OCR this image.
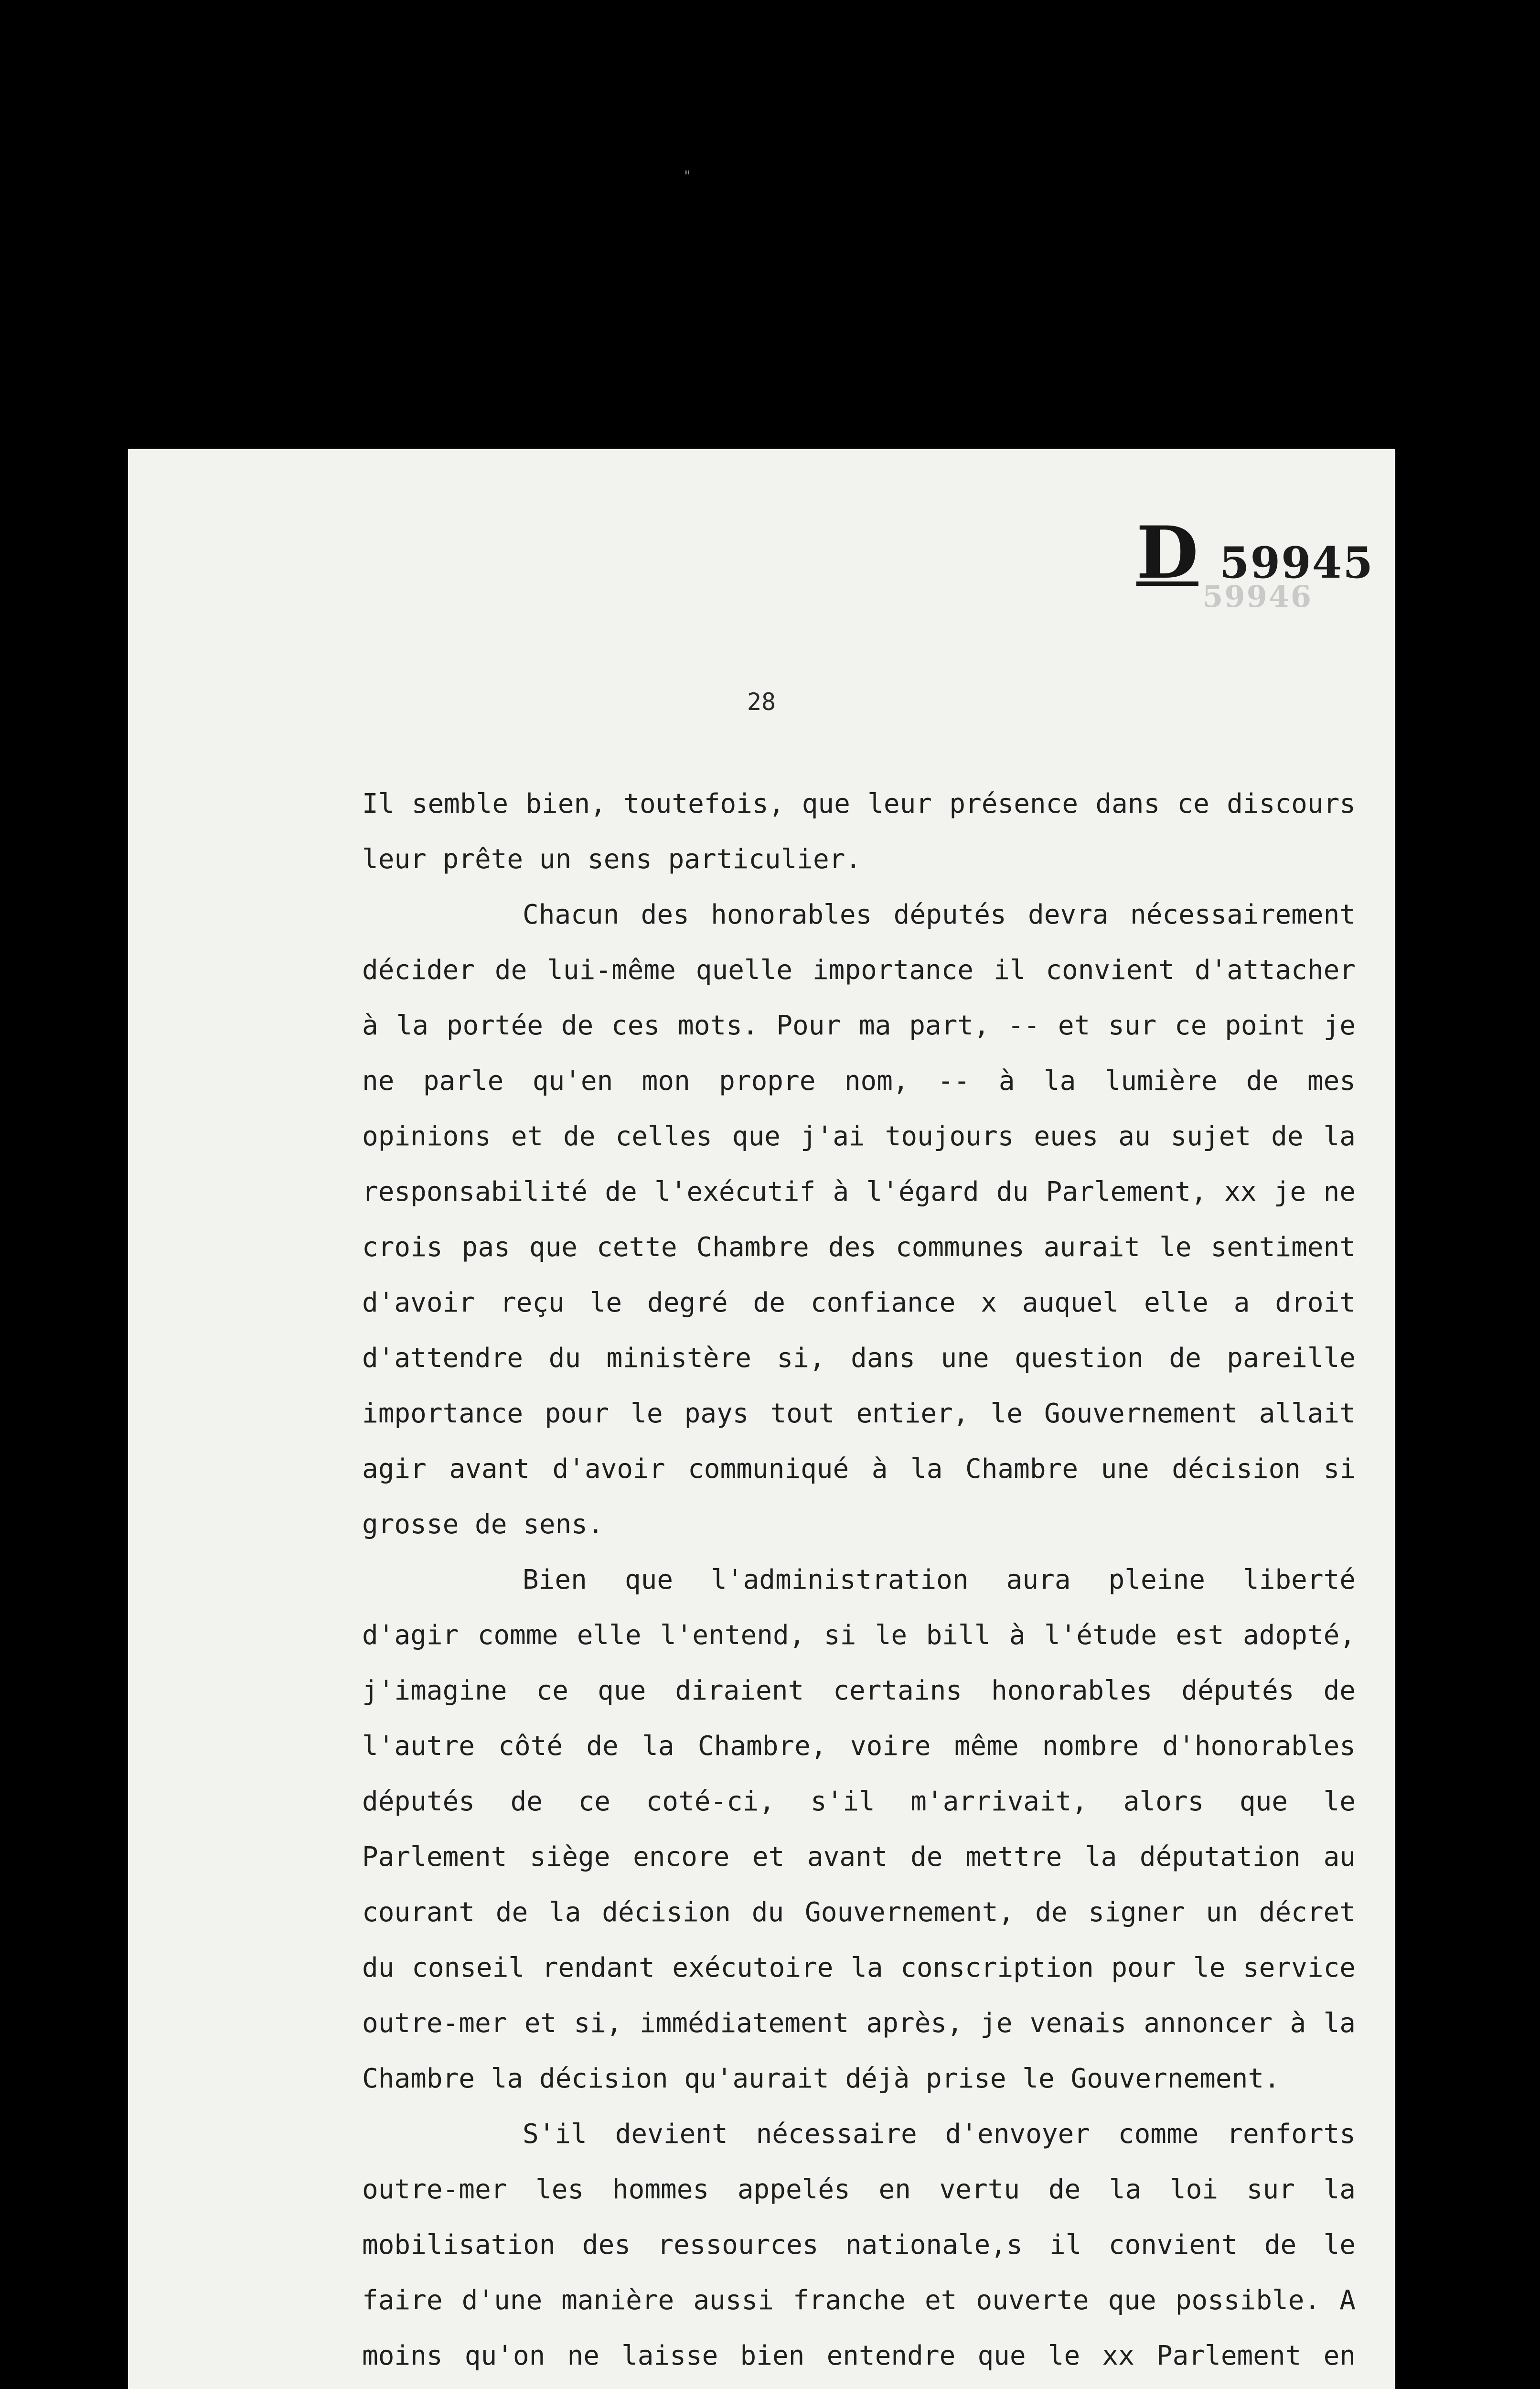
"
D 59945
59946
28

Il semble bien, toutefois, que leur présence dans ce discours leur prête un sens particulier.

Chacun des honorables députés devra nécessairement décider de lui-même quelle importance il convient d'attacher à la portée de ces mots. Pour ma part, -- et sur ce point je ne parle qu'en mon propre nom, -- à la lumière de mes opinions et de celles que j'ai toujours eues au sujet de la responsabilité de l'exécutif à l'égard du Parlement, xx je ne crois pas que cette Chambre des communes aurait le sentiment d'avoir reçu le degré de confiance x auquel elle a droit d'attendre du ministère si, dans une question de pareille importance pour le pays tout entier, le Gouvernement allait agir avant d'avoir communiqué à la Chambre une décision si grosse de sens.

Bien que l'administration aura pleine liberté d'agir comme elle l'entend, si le bill à l'étude est adopté, j'imagine ce que diraient certains honorables députés de l'autre côté de la Chambre, voire même nombre d'honorables députés de ce coté-ci, s'il m'arrivait, alors que le Parlement siège encore et avant de mettre la députation au courant de la décision du Gouvernement, de signer un décret du conseil rendant exécutoire la conscription pour le service outre-mer et si, immédiatement après, je venais annoncer à la Chambre la décision qu'aurait déjà prise le Gouvernement.

S'il devient nécessaire d'envoyer comme renforts outre-mer les hommes appelés en vertu de la loi sur la mobilisation des ressources nationale,s il convient de le faire d'une manière aussi franche et ouverte que possible. A moins qu'on ne laisse bien entendre que le xx Parlement en
